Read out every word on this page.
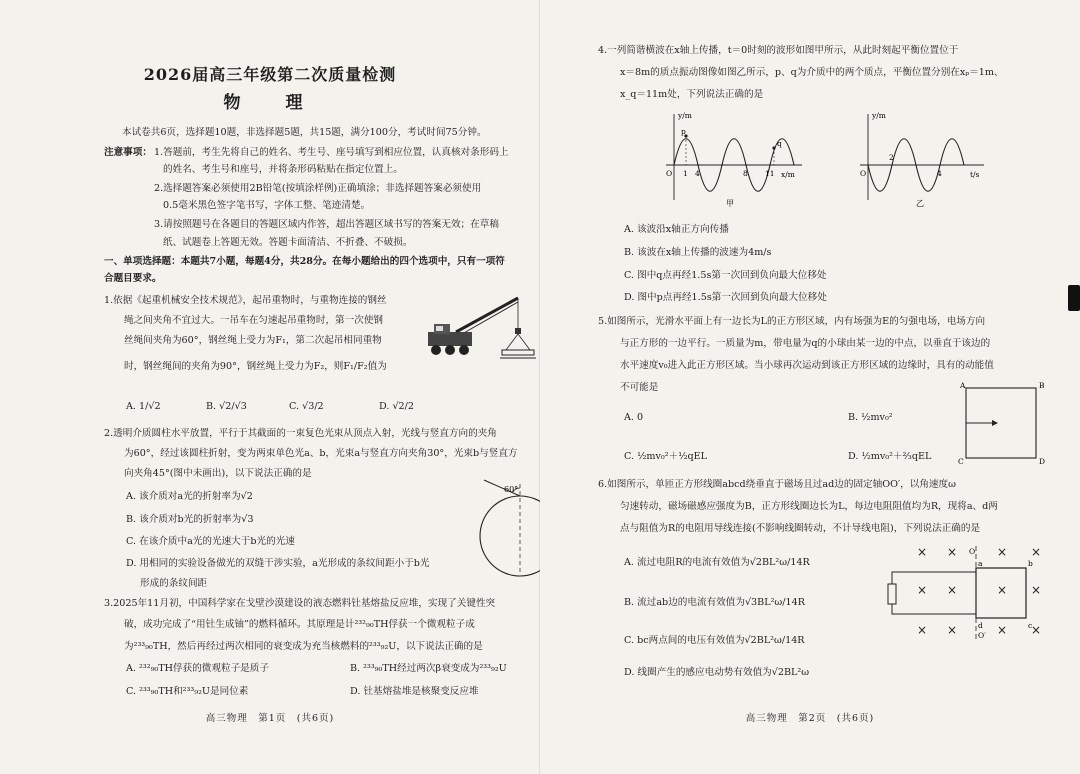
2026届高三年级第二次质量检测
物　理
本试卷共6页，选择题10题，非选择题5题，共15题，满分100分，考试时间75分钟。
注意事项： 1.答题前，考生先将自己的姓名、考生号、座号填写到相应位置，认真核对条形码上
的姓名、考生号和座号，并将条形码粘贴在指定位置上。
2.选择题答案必须使用2B铅笔(按填涂样例)正确填涂；非选择题答案必须使用
0.5毫米黑色签字笔书写，字体工整、笔迹清楚。
3.请按照题号在各题目的答题区域内作答，超出答题区域书写的答案无效；在草稿
纸、试题卷上答题无效。答题卡面清洁、不折叠、不破损。
一、单项选择题：本题共7小题，每题4分，共28分。在每小题给出的四个选项中，只有一项符
合题目要求。
1.依据《起重机械安全技术规范》，起吊重物时，与重物连接的钢丝
绳之间夹角不宜过大。一吊车在匀速起吊重物时，第一次使钢
丝绳间夹角为60°，钢丝绳上受力为F₁，第二次起吊相同重物
时，钢丝绳间的夹角为90°，钢丝绳上受力为F₂，则F₁/F₂值为
A. 1/√2	B. √2/√3	C. √3/2	D. √2/2
2.透明介质圆柱水平放置，平行于其截面的一束复色光束从顶点入射，光线与竖直方向的夹角
为60°，经过该圆柱折射，变为两束单色光a、b，光束a与竖直方向夹角30°，光束b与竖直方
向夹角45°(图中未画出)，以下说法正确的是
A. 该介质对a光的折射率为√2
B. 该介质对b光的折射率为√3
C. 在该介质中a光的光速大于b光的光速
D. 用相同的实验设备做光的双缝干涉实验，a光形成的条纹间距小于b光
形成的条纹间距
60°
3.2025年11月初，中国科学家在戈壁沙漠建设的液态燃料钍基熔盐反应堆，实现了关键性突
破，成功完成了“用钍生成铀”的燃料循环。其原理是计²³²₉₀TH俘获一个微观粒子成
为²³³₉₀TH，然后再经过两次相同的衰变成为充当核燃料的²³³₉₂U，以下说法正确的是
A. ²³²₉₀TH俘获的微观粒子是质子	B. ²³³₉₀TH经过两次β衰变成为²³³₉₂U
C. ²³³₉₀TH和²³³₉₂U是同位素	D. 钍基熔盐堆是核聚变反应堆
高三物理　第1页　(共6页)
4.一列简谐横波在x轴上传播，t＝0时刻的波形如图甲所示，从此时刻起平衡位置位于
x＝8m的质点振动图像如图乙所示，p、q为介质中的两个质点，平衡位置分别在xₚ＝1m、
x_q＝11m处，下列说法正确的是
y/m
x/m
p
q
O 1 4	8 11
甲
y/m
t/s
O
2
4
乙
A. 该波沿x轴正方向传播
B. 该波在x轴上传播的波速为4m/s
C. 图中q点再经1.5s第一次回到负向最大位移处
D. 图中p点再经1.5s第一次回到负向最大位移处
5.如图所示，光滑水平面上有一边长为L的正方形区域，内有场强为E的匀强电场，电场方向
与正方形的一边平行。一质量为m，带电量为q的小球由某一边的中点，以垂直于该边的
水平速度v₀进入此正方形区域。当小球再次运动到该正方形区域的边缘时，具有的动能值
不可能是
A. 0	B. ½mv₀²
C. ½mv₀²＋½qEL	D. ½mv₀²＋⅔qEL
A	B
C	D
6.如图所示，单匝正方形线圈abcd绕垂直于磁场且过ad边的固定轴OO′，以角速度ω
匀速转动，磁场磁感应强度为B，正方形线圈边长为L，每边电阻阻值均为R，现将a、d两
点与阻值为R的电阻用导线连接(不影响线圈转动，不计导线电阻)，下列说法正确的是
A. 流过电阻R的电流有效值为√2BL²ω/14R
B. 流过ab边的电流有效值为√3BL²ω/14R
C. bc两点间的电压有效值为√2BL²ω/14R
D. 线圈产生的感应电动势有效值为√2BL²ω
× ×	× ×
× ×	× ×
× ×	× ×
O
a	b
c
d
O′
高三物理　第2页　(共6页)
